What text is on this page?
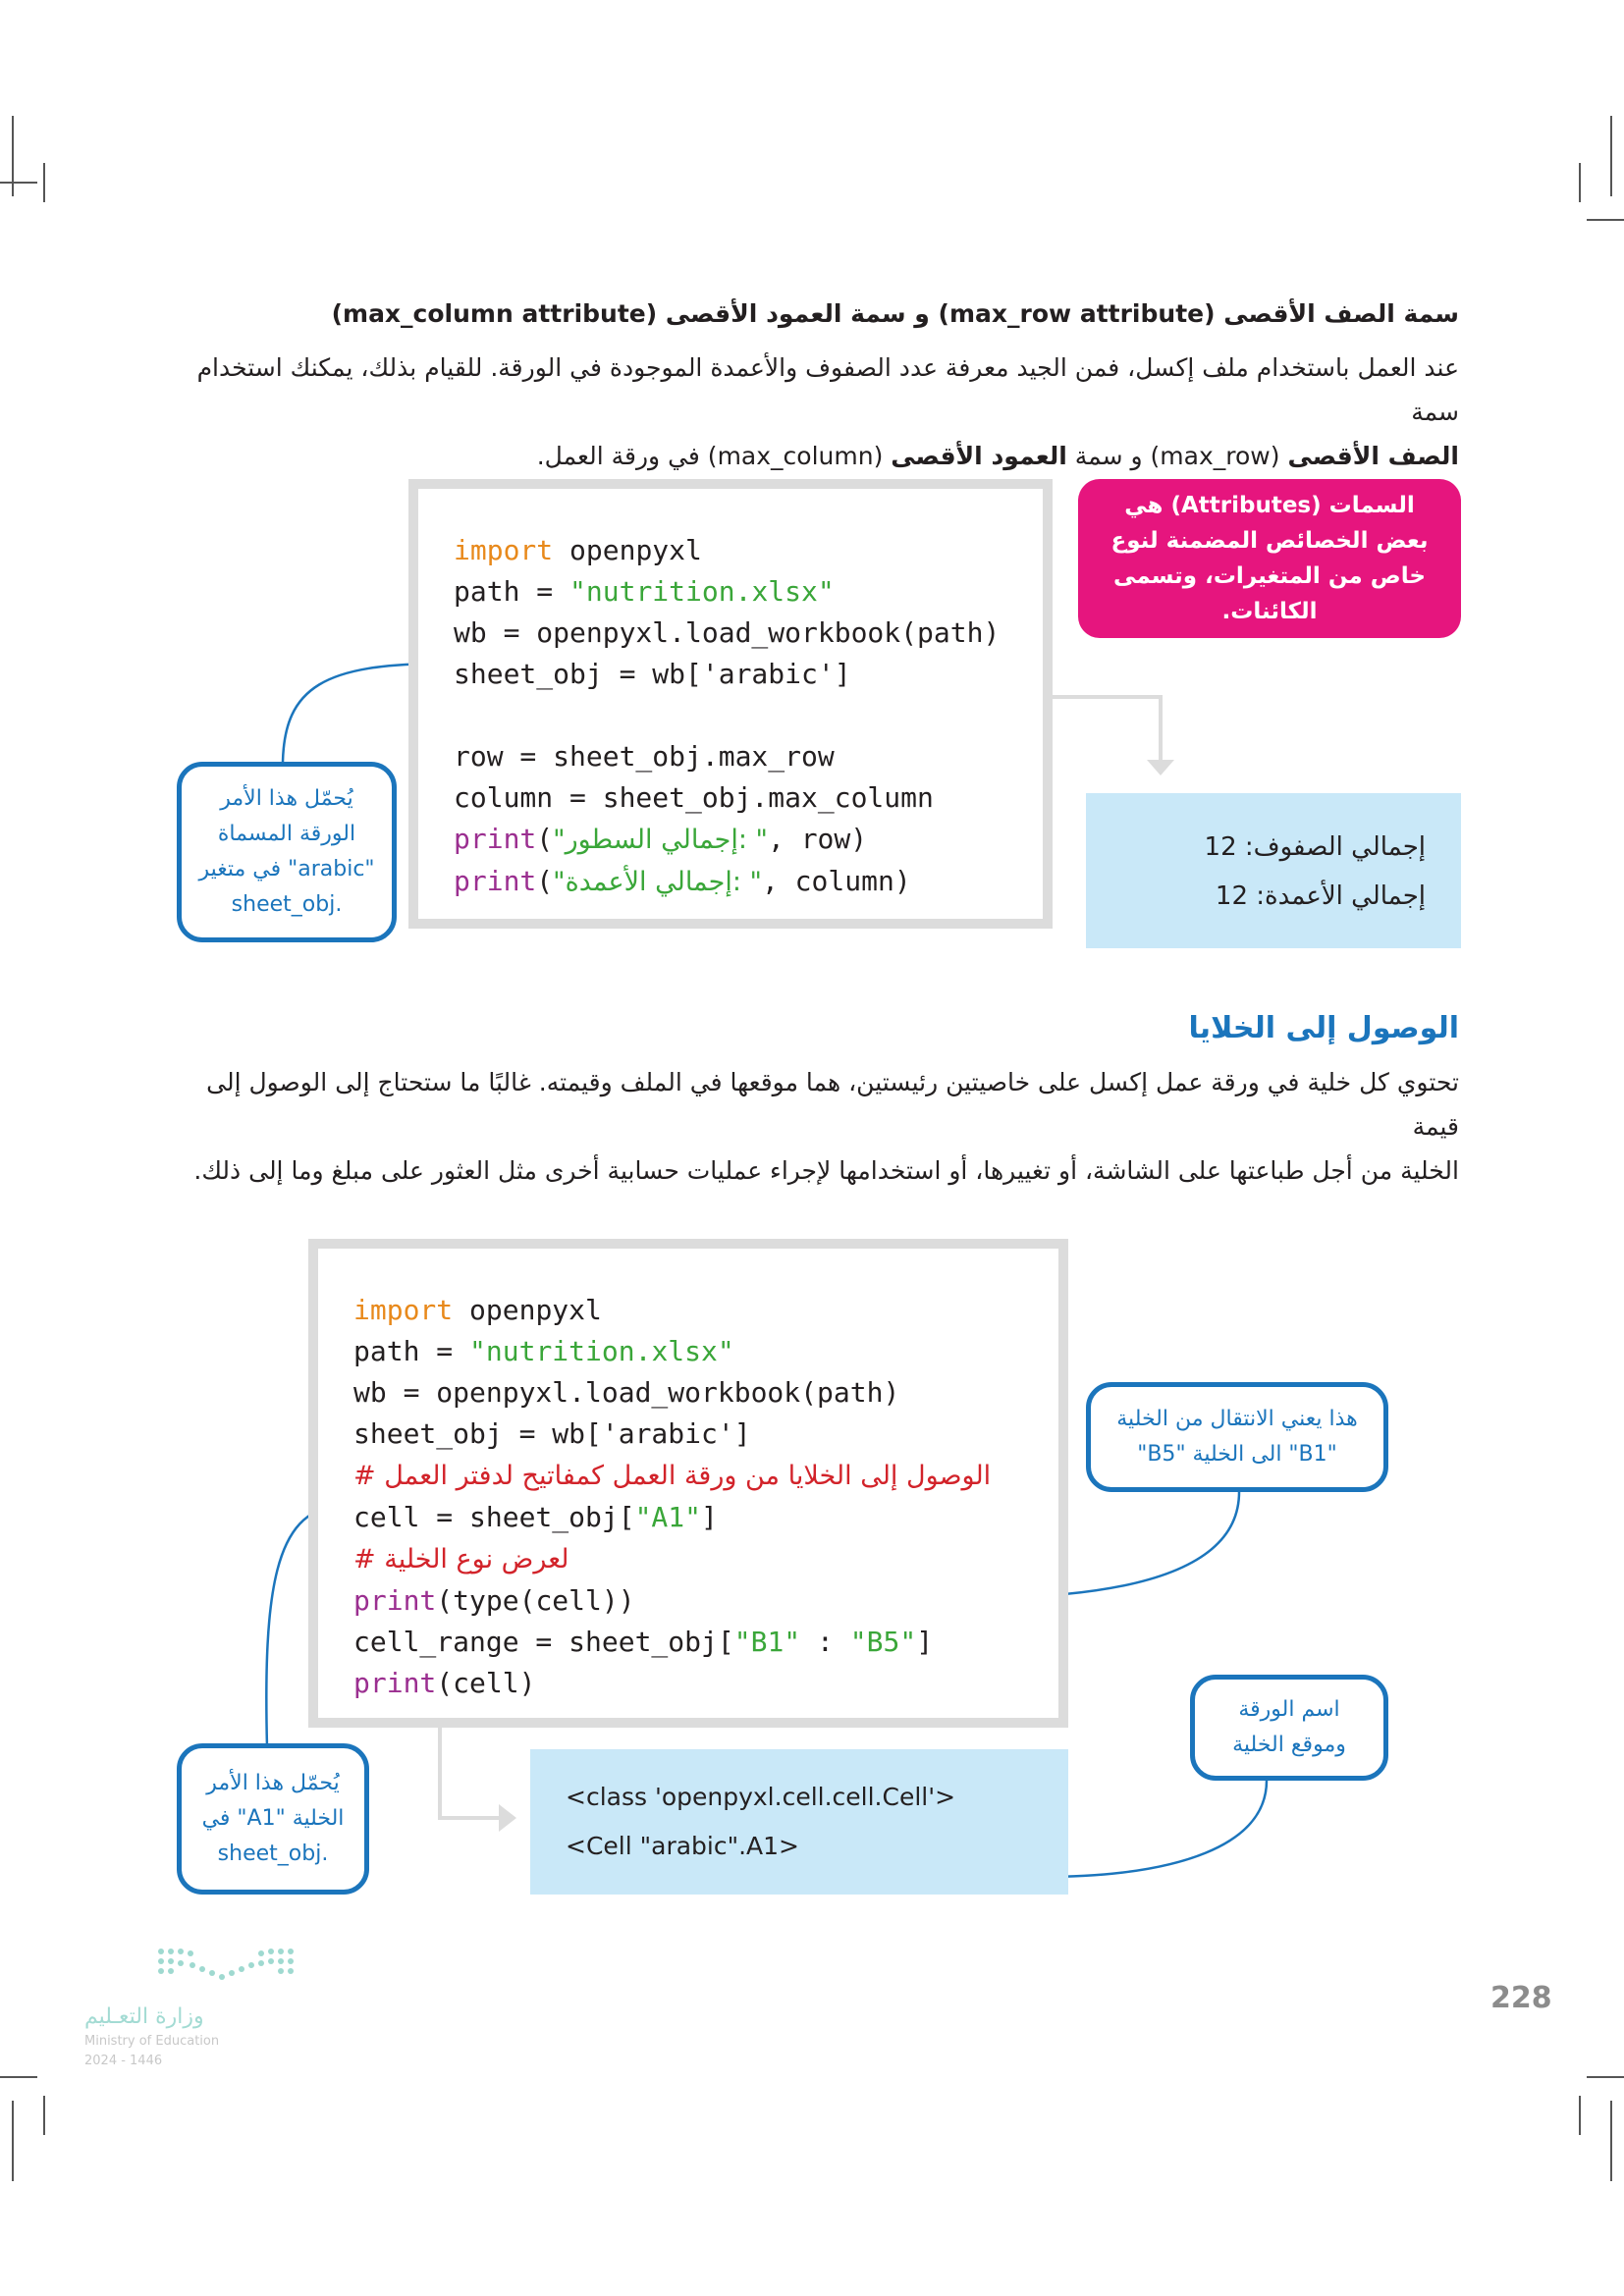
سمة الصف الأقصى (max_row attribute) و سمة العمود الأقصى (max_column attribute)
عند العمل باستخدام ملف إكسل، فمن الجيد معرفة عدد الصفوف والأعمدة الموجودة في الورقة. للقيام بذلك، يمكنك استخدام سمة
الصف الأقصى (max_row) و سمة العمود الأقصى (max_column) في ورقة العمل.
import openpyxl
path = "nutrition.xlsx"
wb = openpyxl.load_workbook(path)
sheet_obj = wb['arabic']

row = sheet_obj.max_row
column = sheet_obj.max_column
print("إجمالي السطور: ", row)
print("إجمالي الأعمدة: ", column)
السمات (Attributes) هي بعض الخصائص المضمنة لنوع خاص من المتغيرات، وتسمى الكائنات.
يُحمّل هذا الأمر الورقة المسماة "arabic" في متغير .sheet_obj
إجمالي الصفوف: 12
إجمالي الأعمدة: 12
الوصول إلى الخلايا
تحتوي كل خلية في ورقة عمل إكسل على خاصيتين رئيستين، هما موقعها في الملف وقيمته. غالبًا ما ستحتاج إلى الوصول إلى قيمة
الخلية من أجل طباعتها على الشاشة، أو تغييرها، أو استخدامها لإجراء عمليات حسابية أخرى مثل العثور على مبلغ وما إلى ذلك.
import openpyxl
path = "nutrition.xlsx"
wb = openpyxl.load_workbook(path)
sheet_obj = wb['arabic']
# الوصول إلى الخلايا من ورقة العمل كمفاتيح لدفتر العمل
cell = sheet_obj["A1"]
# لعرض نوع الخلية
print(type(cell))
cell_range = sheet_obj["B1" : "B5"]
print(cell)
هذا يعني الانتقال من الخلية "B1" الى الخلية "B5"
اسم الورقة وموقع الخلية
يُحمّل هذا الأمر الخلية "A1" في .sheet_obj
<class 'openpyxl.cell.cell.Cell'>
<Cell "arabic".A1>
وزارة التعـليم
Ministry of Education
2024 - 1446
228
